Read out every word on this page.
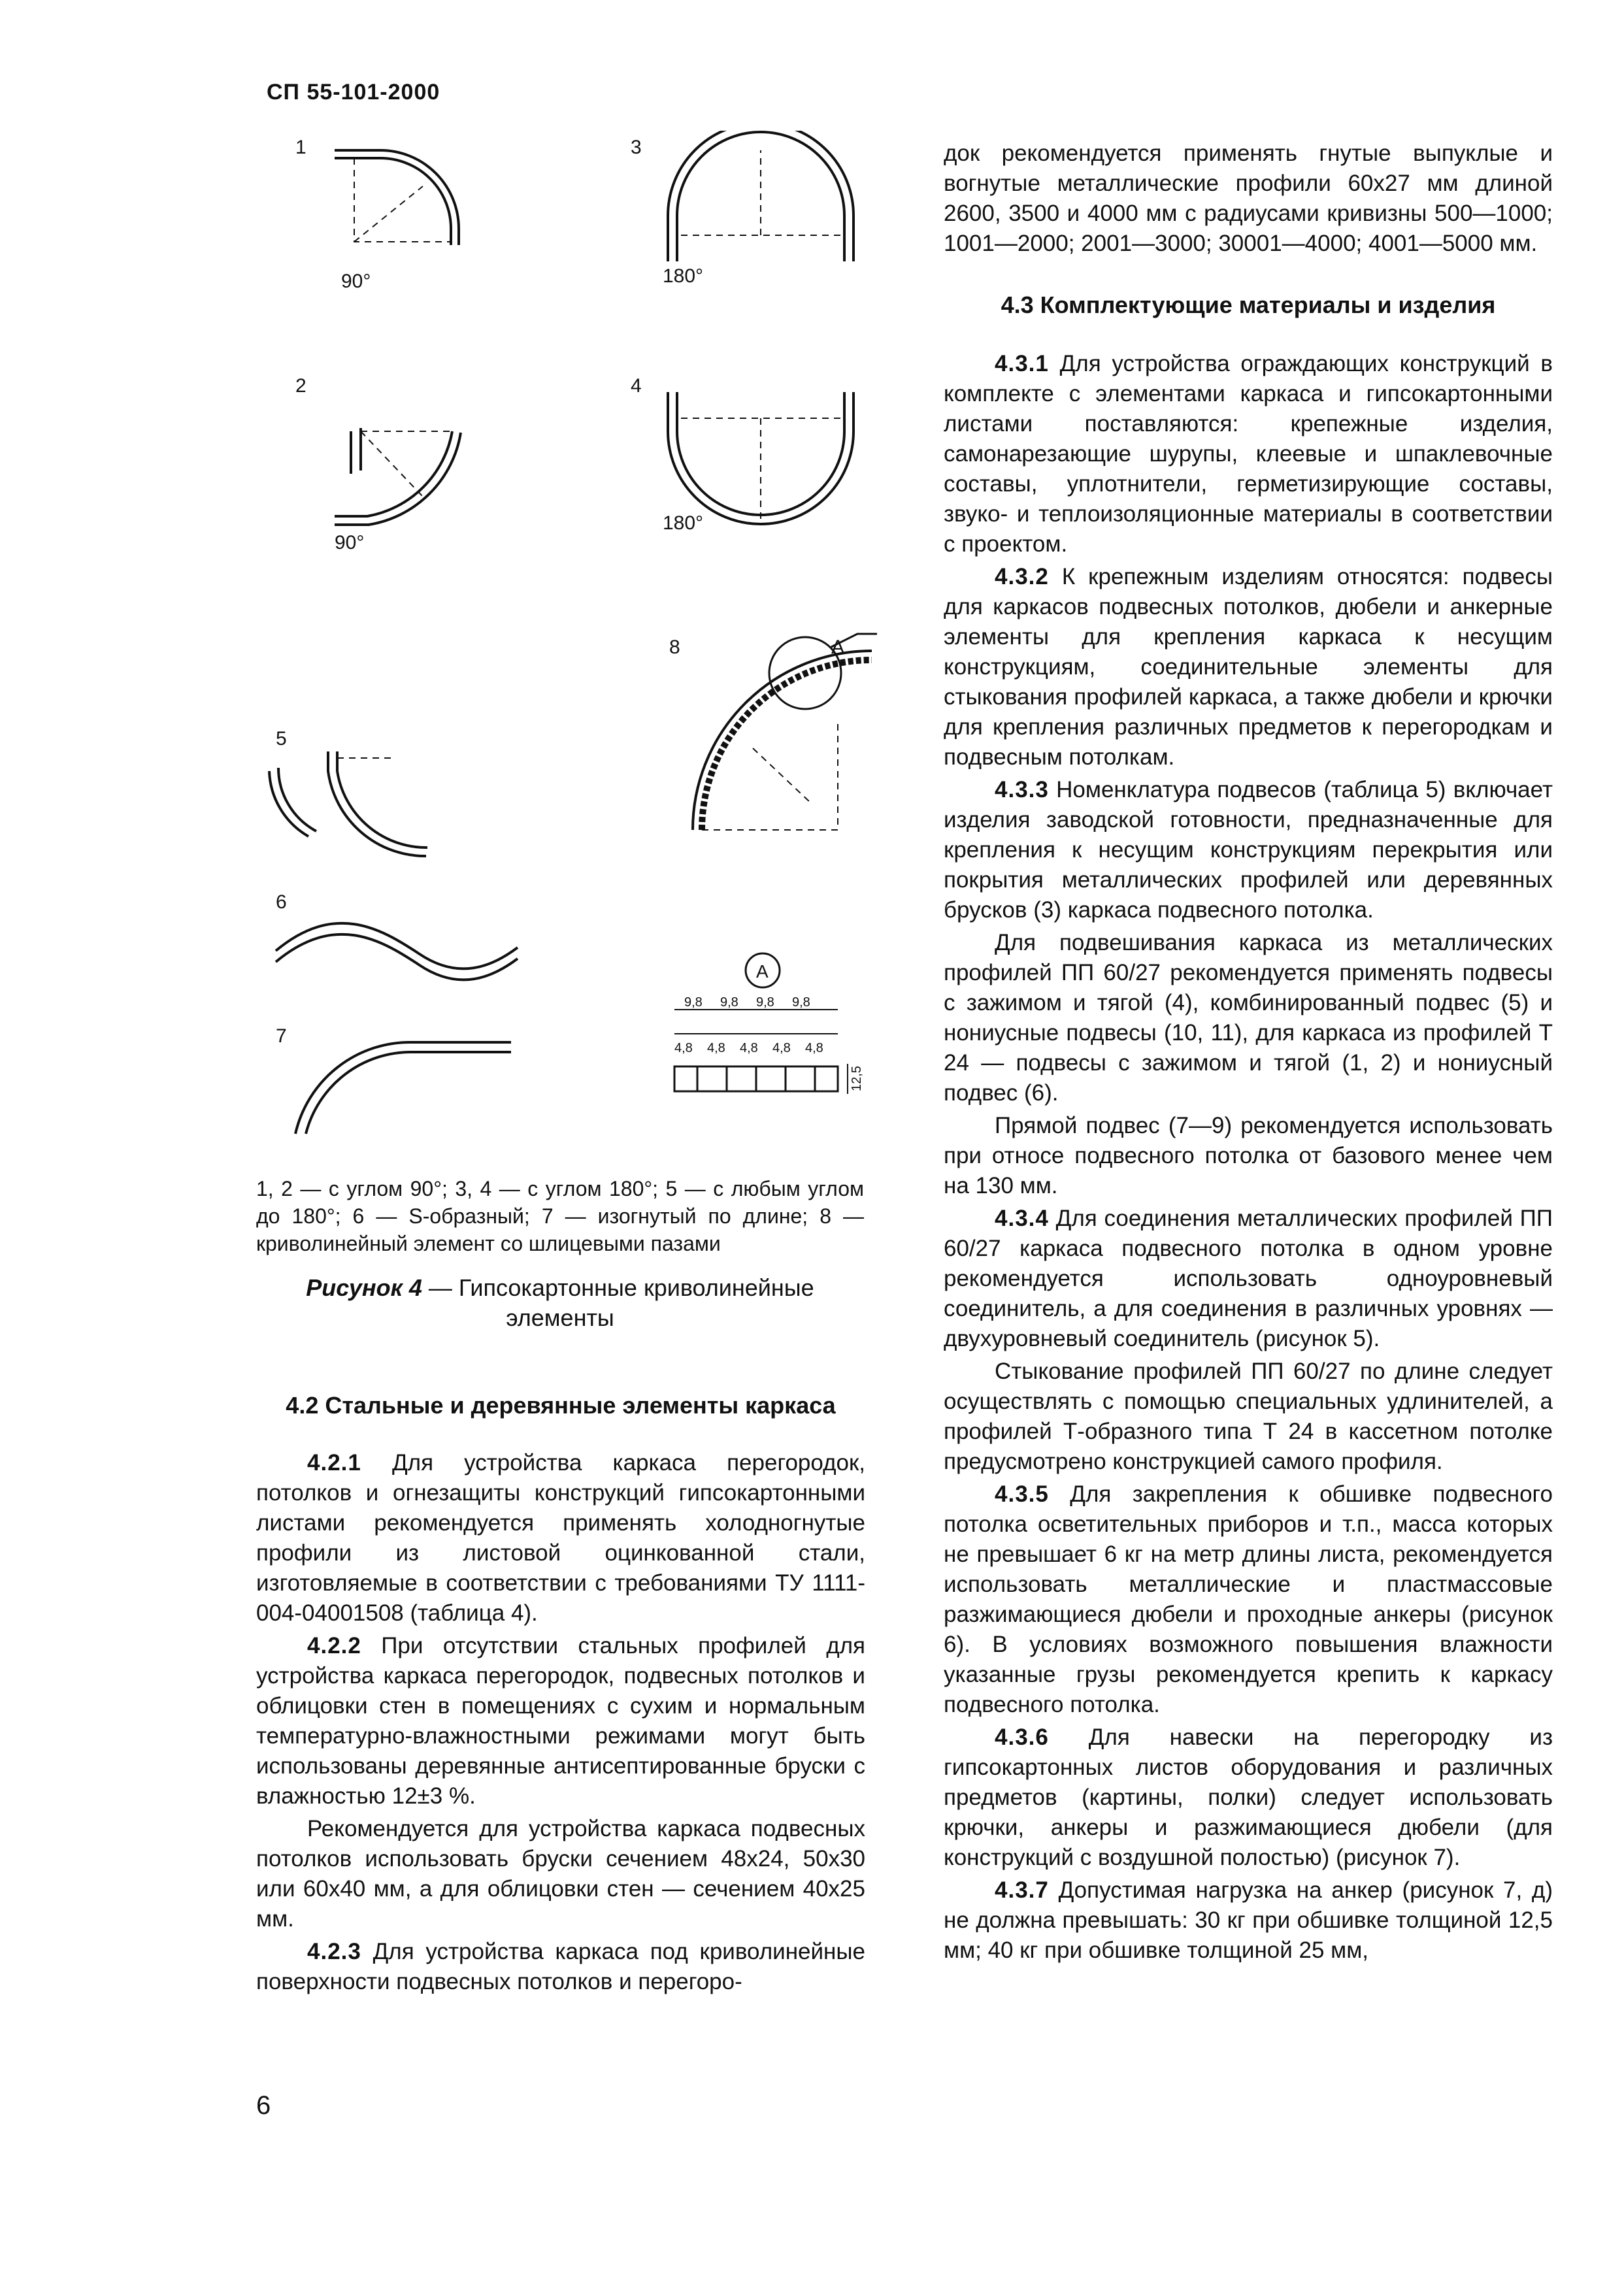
СП 55-101-2000
1
2
3
4
5
6
7
8
90°
90°
180°
180°
A
A
9,8 9,8 9,8 9,8
4,8 4,8 4,8 4,8 4,8
12,5
1, 2 — с углом 90°; 3, 4 — с углом 180°; 5 — с любым углом до 180°; 6 — S-образный; 7 — изогнутый по длине; 8 — криволинейный элемент со шлицевыми пазами
Рисунок 4 — Гипсокартонные криволинейные элементы
4.2 Стальные и деревянные элементы каркаса

4.2.1 Для устройства каркаса перегородок, потолков и огнезащиты конструкций гипсокартонными листами рекомендуется применять холодногнутые профили из листовой оцинкованной стали, изготовляемые в соответствии с требованиями ТУ 1111-004-04001508 (таблица 4).

4.2.2 При отсутствии стальных профилей для устройства каркаса перегородок, подвесных потолков и облицовки стен в помещениях с сухим и нормальным температурно-влажностными режимами могут быть использованы деревянные антисептированные бруски с влажностью 12±3 %.

Рекомендуется для устройства каркаса подвесных потолков использовать бруски сечением 48х24, 50х30 или 60х40 мм, а для облицовки стен — сечением 40х25 мм.

4.2.3 Для устройства каркаса под криволинейные поверхности подвесных потолков и перегоро-

док рекомендуется применять гнутые выпуклые и вогнутые металлические профили 60х27 мм длиной 2600, 3500 и 4000 мм с радиусами кривизны 500—1000; 1001—2000; 2001—3000; 30001—4000; 4001—5000 мм.

4.3 Комплектующие материалы и изделия

4.3.1 Для устройства ограждающих конструкций в комплекте с элементами каркаса и гипсокартонными листами поставляются: крепежные изделия, самонарезающие шурупы, клеевые и шпаклевочные составы, уплотнители, герметизирующие составы, звуко- и теплоизоляционные материалы в соответствии с проектом.

4.3.2 К крепежным изделиям относятся: подвесы для каркасов подвесных потолков, дюбели и анкерные элементы для крепления каркаса к несущим конструкциям, соединительные элементы для стыкования профилей каркаса, а также дюбели и крючки для крепления различных предметов к перегородкам и подвесным потолкам.

4.3.3 Номенклатура подвесов (таблица 5) включает изделия заводской готовности, предназначенные для крепления к несущим конструкциям перекрытия или покрытия металлических профилей или деревянных брусков (3) каркаса подвесного потолка.

Для подвешивания каркаса из металлических профилей ПП 60/27 рекомендуется применять подвесы с зажимом и тягой (4), комбинированный подвес (5) и нониусные подвесы (10, 11), для каркаса из профилей Т 24 — подвесы с зажимом и тягой (1, 2) и нониусный подвес (6).

Прямой подвес (7—9) рекомендуется использовать при относе подвесного потолка от базового менее чем на 130 мм.

4.3.4 Для соединения металлических профилей ПП 60/27 каркаса подвесного потолка в одном уровне рекомендуется использовать одноуровневый соединитель, а для соединения в различных уровнях — двухуровневый соединитель (рисунок 5).

Стыкование профилей ПП 60/27 по длине следует осуществлять с помощью специальных удлинителей, а профилей Т-образного типа Т 24 в кассетном потолке предусмотрено конструкцией самого профиля.

4.3.5 Для закрепления к обшивке подвесного потолка осветительных приборов и т.п., масса которых не превышает 6 кг на метр длины листа, рекомендуется использовать металлические и пластмассовые разжимающиеся дюбели и проходные анкеры (рисунок 6). В условиях возможного повышения влажности указанные грузы рекомендуется крепить к каркасу подвесного потолка.

4.3.6 Для навески на перегородку из гипсокартонных листов оборудования и различных предметов (картины, полки) следует использовать крючки, анкеры и разжимающиеся дюбели (для конструкций с воздушной полостью) (рисунок 7).

4.3.7 Допустимая нагрузка на анкер (рисунок 7, д) не должна превышать: 30 кг при обшивке толщиной 12,5 мм; 40 кг при обшивке толщиной 25 мм,

6
